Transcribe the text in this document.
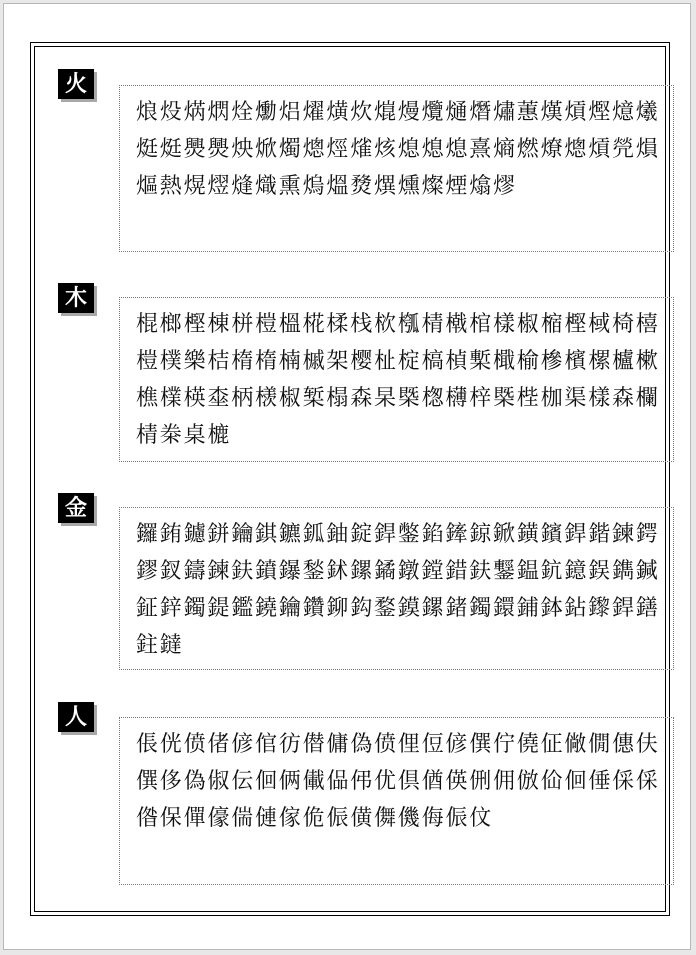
火

烺炈焫熌烇爋焒燿熿炊熴熳爦熥熸熽蕙熯熕熞燱爔烶烶爂爂炴焮燭熜烴熦烗熄熄熄熹熵燃燎熜熕焭熉熰熱熀熤熢熾熏熓熅熃熼燻燦煙熻熮

木

棍榔樫棟栟榿榲椛楺栈栨槬棈橶棺樣椒樎樫棫椅橲榿樸樂桔楕楕楠槭架樱杫椗槁楨槧檝榆槮檳樏櫨樕樵檏楧桽柄檨椒椠榻森杲槩楤欂梓槩梐枷渠樣森欄棈桊桌樚

金

鑼銪鑢鉼鑰錤鑣鈲鈾錠銲鐅錎鏲鍄鍁鐄鑌銲鍇鍊鍔鏐釵鑄鍊鈇鐼鑤鍫鉥鏍鐍鐓鏜錯鈇鑋鎾鈧鐿鋘鐫鍼鉦鋅鐲鍉鑑鐃鑰鑽鉚鈎鍪鏌鏍鍺鐲鐶鋪鉢鉆鑗銲鐥鉒鐽

人

倀侊偾偖偐倌彷僣傭偽偾俚侸偐僎佇僥佂僘僩僡伕僎侈偽俶伝佪俩儎偘伄优倶偤偀侀佣倣佡佪倕倸倸偺保僤儫偳僆傢佹侲僙儛僟侮侲伩
